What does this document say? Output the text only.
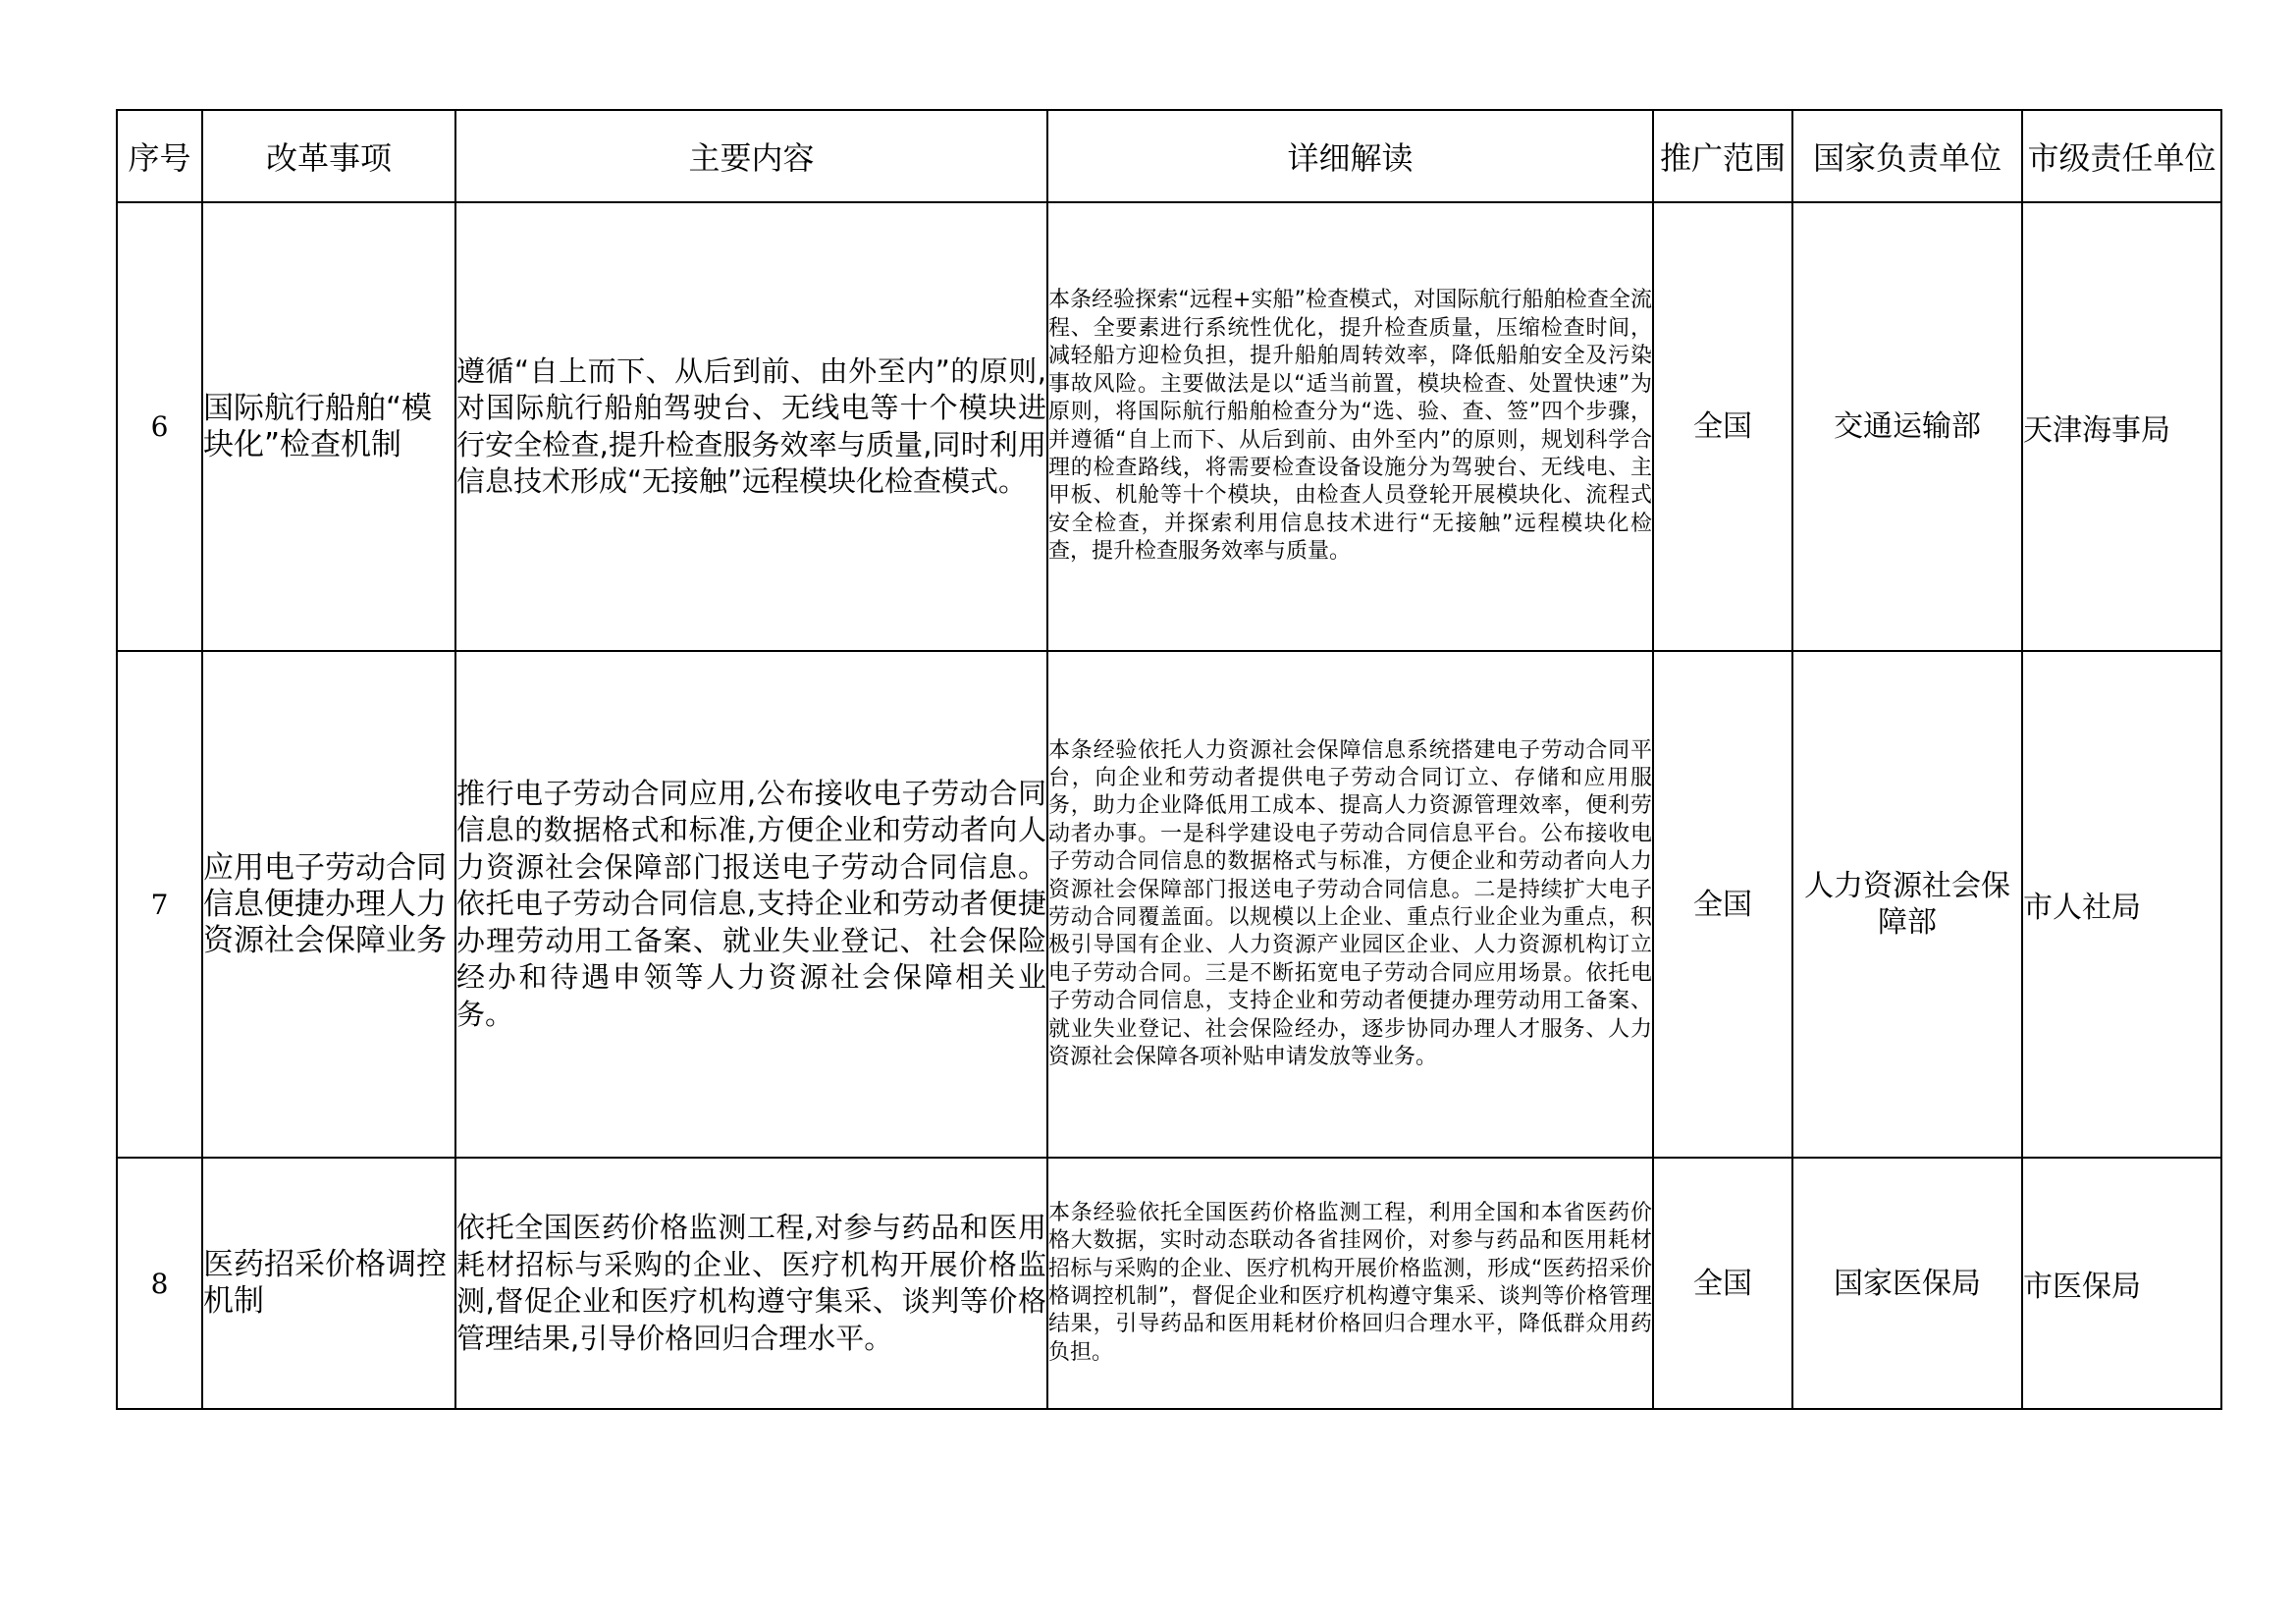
序号	改革事项	主要内容	详细解读	推广范围	国家负责单位	市级责任单位
6	国际航行船舶“模块化”检查机制	遵循“自上而下、从后到前、由外至内”的原则,对国际航行船舶驾驶台、无线电等十个模块进行安全检查,提升检查服务效率与质量,同时利用信息技术形成“无接触”远程模块化检查模式。	本条经验探索“远程+实船”检查模式，对国际航行船舶检查全流程、全要素进行系统性优化，提升检查质量，压缩检查时间，减轻船方迎检负担，提升船舶周转效率，降低船舶安全及污染事故风险。主要做法是以“适当前置，模块检查、处置快速”为原则，将国际航行船舶检查分为“选、验、查、签”四个步骤，并遵循“自上而下、从后到前、由外至内”的原则，规划科学合理的检查路线，将需要检查设备设施分为驾驶台、无线电、主甲板、机舱等十个模块，由检查人员登轮开展模块化、流程式安全检查，并探索利用信息技术进行“无接触”远程模块化检查，提升检查服务效率与质量。	全国	交通运输部	天津海事局
7	应用电子劳动合同信息便捷办理人力资源社会保障业务	推行电子劳动合同应用,公布接收电子劳动合同信息的数据格式和标准,方便企业和劳动者向人力资源社会保障部门报送电子劳动合同信息。依托电子劳动合同信息,支持企业和劳动者便捷办理劳动用工备案、就业失业登记、社会保险经办和待遇申领等人力资源社会保障相关业务。	本条经验依托人力资源社会保障信息系统搭建电子劳动合同平台，向企业和劳动者提供电子劳动合同订立、存储和应用服务，助力企业降低用工成本、提高人力资源管理效率，便利劳动者办事。一是科学建设电子劳动合同信息平台。公布接收电子劳动合同信息的数据格式与标准，方便企业和劳动者向人力资源社会保障部门报送电子劳动合同信息。二是持续扩大电子劳动合同覆盖面。以规模以上企业、重点行业企业为重点，积极引导国有企业、人力资源产业园区企业、人力资源机构订立电子劳动合同。三是不断拓宽电子劳动合同应用场景。依托电子劳动合同信息，支持企业和劳动者便捷办理劳动用工备案、就业失业登记、社会保险经办，逐步协同办理人才服务、人力资源社会保障各项补贴申请发放等业务。	全国	人力资源社会保障部	市人社局
8	医药招采价格调控机制	依托全国医药价格监测工程,对参与药品和医用耗材招标与采购的企业、医疗机构开展价格监测,督促企业和医疗机构遵守集采、谈判等价格管理结果,引导价格回归合理水平。	本条经验依托全国医药价格监测工程，利用全国和本省医药价格大数据，实时动态联动各省挂网价，对参与药品和医用耗材招标与采购的企业、医疗机构开展价格监测，形成“医药招采价格调控机制”，督促企业和医疗机构遵守集采、谈判等价格管理结果，引导药品和医用耗材价格回归合理水平，降低群众用药负担。	全国	国家医保局	市医保局
